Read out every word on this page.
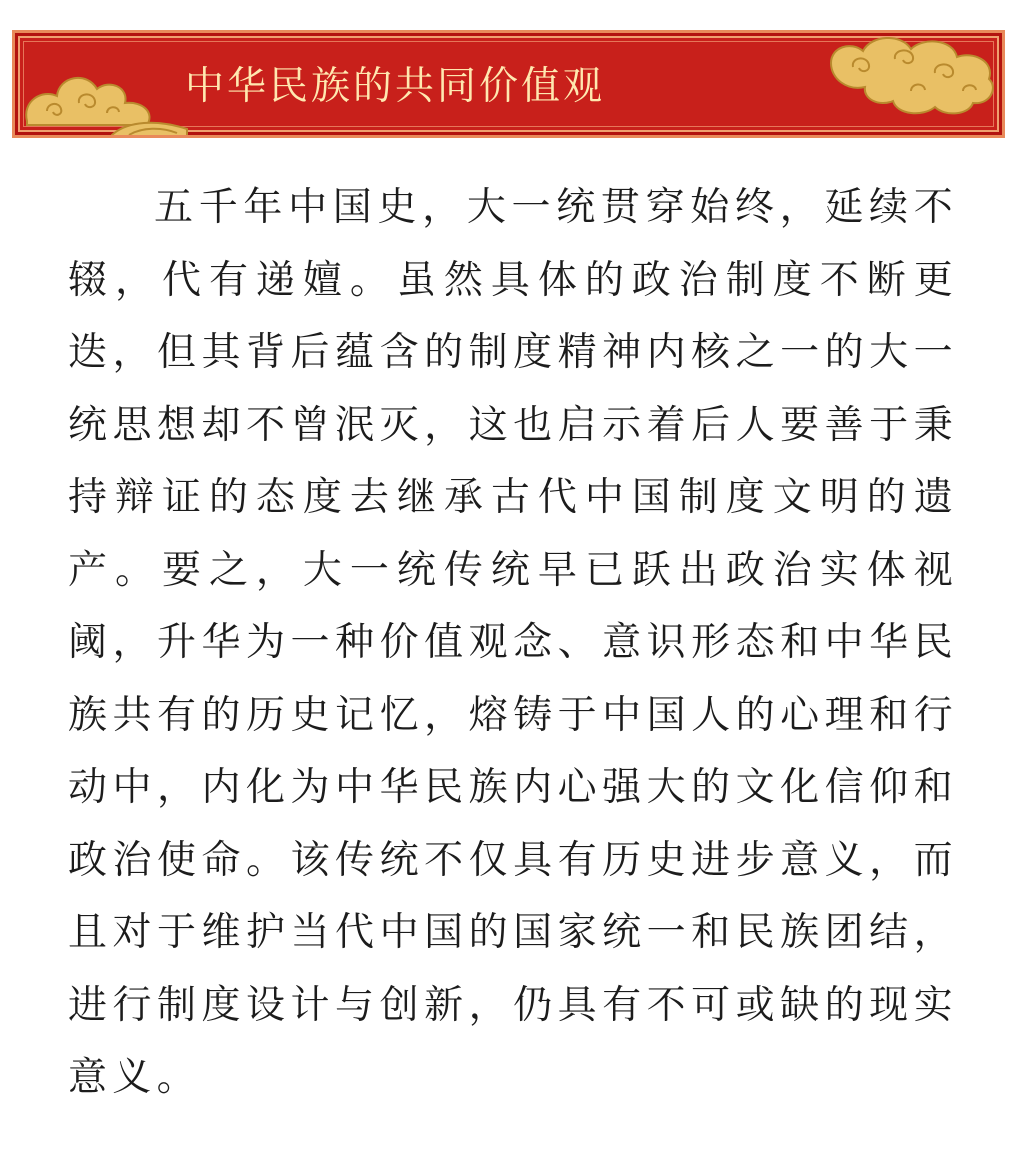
中华民族的共同价值观

五千年中国史，大一统贯穿始终，延续不辍，代有递嬗。虽然具体的政治制度不断更迭，但其背后蕴含的制度精神内核之一的大一统思想却不曾泯灭，这也启示着后人要善于秉持辩证的态度去继承古代中国制度文明的遗产。要之，大一统传统早已跃出政治实体视阈，升华为一种价值观念、意识形态和中华民族共有的历史记忆，熔铸于中国人的心理和行动中，内化为中华民族内心强大的文化信仰和政治使命。该传统不仅具有历史进步意义，而且对于维护当代中国的国家统一和民族团结，进行制度设计与创新，仍具有不可或缺的现实意义。
